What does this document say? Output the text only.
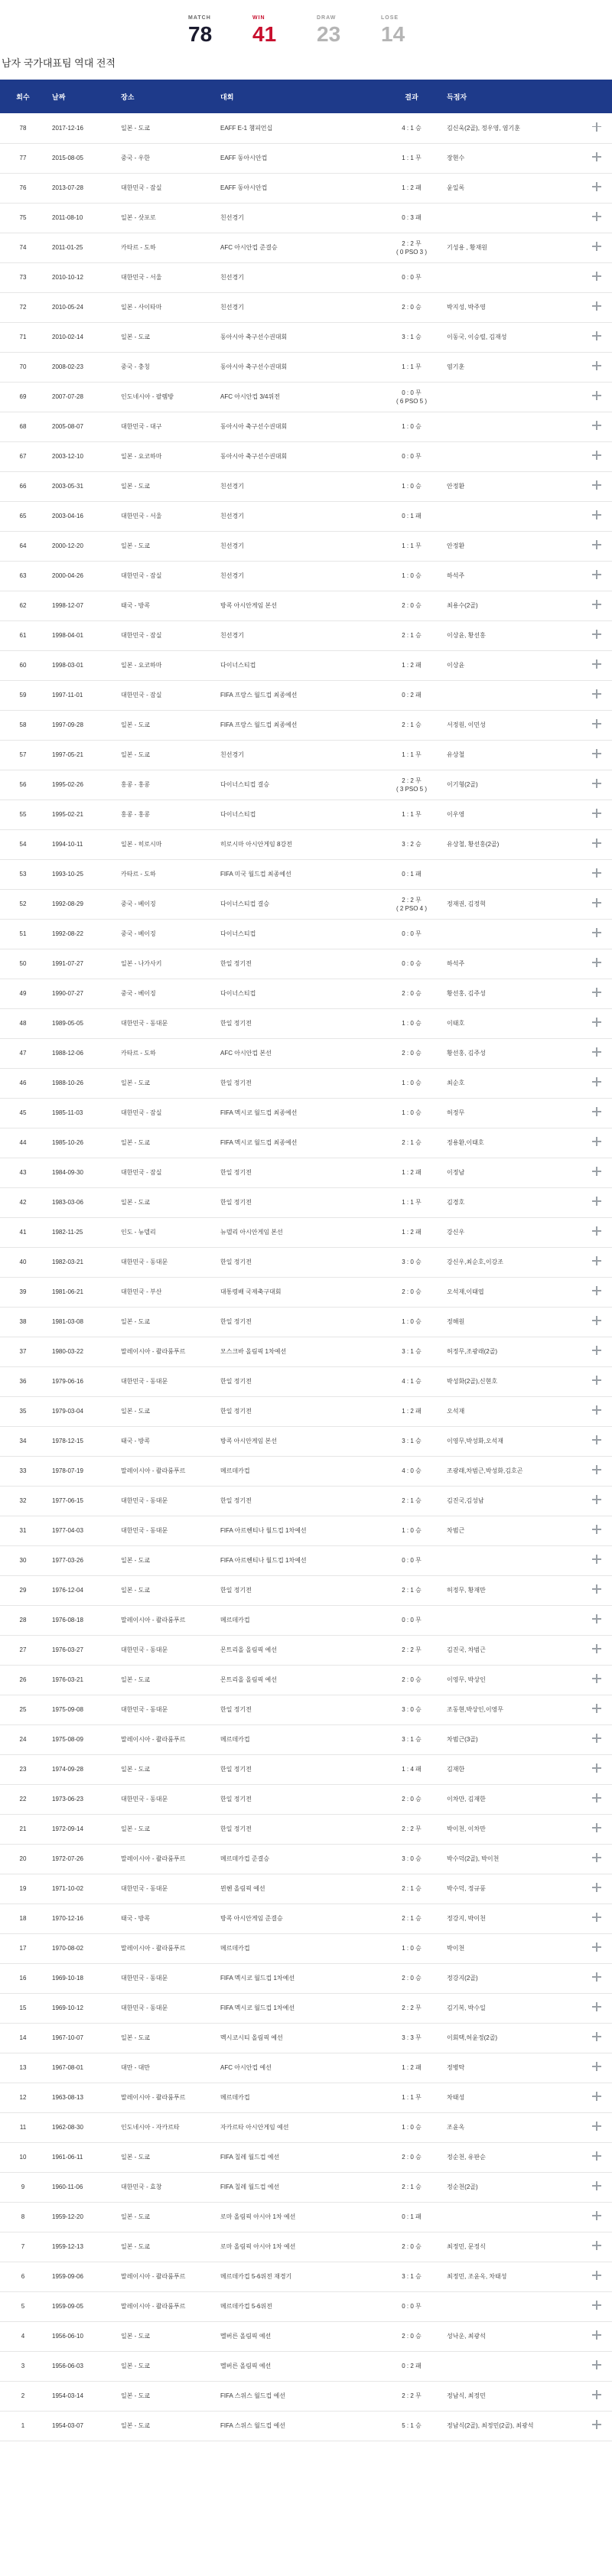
MATCH
78
WIN
41
DRAW
23
LOSE
14
남자 국가대표팀 역대 전적
회수	날짜	장소	대회	결과	득점자	
78	2017-12-16	일본 - 도쿄	EAFF E-1 챔피언십	4 : 1 승	김신욱(2골), 정우영, 염기훈	
77	2015-08-05	중국 - 우한	EAFF 동아시안컵	1 : 1 무	장현수	
76	2013-07-28	대한민국 - 잠실	EAFF 동아시안컵	1 : 2 패	윤일록	
75	2011-08-10	일본 - 삿포로	친선경기	0 : 3 패		
74	2011-01-25	카타르 - 도하	AFC 아시안컵 준결승	2 : 2 무
( 0 PSO 3 )	기성용 , 황재원	
73	2010-10-12	대한민국 - 서울	친선경기	0 : 0 무		
72	2010-05-24	일본 - 사이타마	친선경기	2 : 0 승	박지성, 박주영	
71	2010-02-14	일본 - 도쿄	동아시아 축구선수권대회	3 : 1 승	이동국, 이승렬, 김재성	
70	2008-02-23	중국 - 충칭	동아시아 축구선수권대회	1 : 1 무	염기훈	
69	2007-07-28	인도네시아 - 팔렘방	AFC 아시안컵 3/4위전	0 : 0 무
( 6 PSO 5 )		
68	2005-08-07	대한민국 - 대구	동아시아 축구선수권대회	1 : 0 승		
67	2003-12-10	일본 - 요코하마	동아시아 축구선수권대회	0 : 0 무		
66	2003-05-31	일본 - 도쿄	친선경기	1 : 0 승	안정환	
65	2003-04-16	대한민국 - 서울	친선경기	0 : 1 패		
64	2000-12-20	일본 - 도쿄	친선경기	1 : 1 무	안정환	
63	2000-04-26	대한민국 - 잠실	친선경기	1 : 0 승	하석주	
62	1998-12-07	태국 - 방콕	방콕 아시안게임 본선	2 : 0 승	최용수(2골)	
61	1998-04-01	대한민국 - 잠실	친선경기	2 : 1 승	이상윤, 황선홍	
60	1998-03-01	일본 - 요코하마	다이너스티컵	1 : 2 패	이상윤	
59	1997-11-01	대한민국 - 잠실	FIFA 프랑스 월드컵 최종예선	0 : 2 패		
58	1997-09-28	일본 - 도쿄	FIFA 프랑스 월드컵 최종예선	2 : 1 승	서정원, 이민성	
57	1997-05-21	일본 - 도쿄	친선경기	1 : 1 무	유상철	
56	1995-02-26	홍콩 - 홍콩	다이너스티컵 결승	2 : 2 무
( 3 PSO 5 )	이기형(2골)	
55	1995-02-21	홍콩 - 홍콩	다이너스티컵	1 : 1 무	이우영	
54	1994-10-11	일본 - 히로시마	히로시마 아시안게임 8강전	3 : 2 승	유상철, 황선홍(2골)	
53	1993-10-25	카타르 - 도하	FIFA 미국 월드컵 최종예선	0 : 1 패		
52	1992-08-29	중국 - 베이징	다이너스티컵 결승	2 : 2 무
( 2 PSO 4 )	정재권, 김정혁	
51	1992-08-22	중국 - 베이징	다이너스티컵	0 : 0 무		
50	1991-07-27	일본 - 나가사키	한일 정기전	0 : 0 승	하석주	
49	1990-07-27	중국 - 베이징	다이너스티컵	2 : 0 승	황선홍, 김주성	
48	1989-05-05	대한민국 - 동대문	한일 정기전	1 : 0 승	이태호	
47	1988-12-06	카타르 - 도하	AFC 아시안컵 본선	2 : 0 승	황선홍, 김주성	
46	1988-10-26	일본 - 도쿄	한일 정기전	1 : 0 승	최순호	
45	1985-11-03	대한민국 - 잠실	FIFA 멕시코 월드컵 최종예선	1 : 0 승	허정무	
44	1985-10-26	일본 - 도쿄	FIFA 멕시코 월드컵 최종예선	2 : 1 승	정용환,이태호	
43	1984-09-30	대한민국 - 잠실	한일 정기전	1 : 2 패	이정남	
42	1983-03-06	일본 - 도쿄	한일 정기전	1 : 1 무	김경호	
41	1982-11-25	인도 - 뉴델리	뉴델리 아시안게임 본선	1 : 2 패	강신우	
40	1982-03-21	대한민국 - 동대문	한일 정기전	3 : 0 승	강신우,최순호,이강조	
39	1981-06-21	대한민국 - 부산	대통령배 국제축구대회	2 : 0 승	오석재,이태엽	
38	1981-03-08	일본 - 도쿄	한일 정기전	1 : 0 승	정해원	
37	1980-03-22	말레이시아 - 콸라룸푸르	모스크바 올림픽 1차예선	3 : 1 승	허정무,조광래(2골)	
36	1979-06-16	대한민국 - 동대문	한일 정기전	4 : 1 승	박성화(2골),신현호	
35	1979-03-04	일본 - 도쿄	한일 정기전	1 : 2 패	오석재	
34	1978-12-15	태국 - 방콕	방콕 아시안게임 본선	3 : 1 승	이영무,박성화,오석재	
33	1978-07-19	말레이시아 - 콸라룸푸르	메르데카컵	4 : 0 승	조광래,차범근,박성화,김호곤	
32	1977-06-15	대한민국 - 동대문	한일 정기전	2 : 1 승	김진국,김성남	
31	1977-04-03	대한민국 - 동대문	FIFA 아르헨티나 월드컵 1차예선	1 : 0 승	차범근	
30	1977-03-26	일본 - 도쿄	FIFA 아르헨티나 월드컵 1차예선	0 : 0 무		
29	1976-12-04	일본 - 도쿄	한일 정기전	2 : 1 승	허정무, 황재만	
28	1976-08-18	말레이시아 - 콸라룸푸르	메르데카컵	0 : 0 무		
27	1976-03-27	대한민국 - 동대문	몬트리올 올림픽 예선	2 : 2 무	김진국, 차범근	
26	1976-03-21	일본 - 도쿄	몬트리올 올림픽 예선	2 : 0 승	이영무, 박상인	
25	1975-09-08	대한민국 - 동대문	한일 정기전	3 : 0 승	조동현,박상인,이영무	
24	1975-08-09	말레이시아 - 콸라룸푸르	메르데카컵	3 : 1 승	차범근(3골)	
23	1974-09-28	일본 - 도쿄	한일 정기전	1 : 4 패	김재한	
22	1973-06-23	대한민국 - 동대문	한일 정기전	2 : 0 승	이차만, 김재한	
21	1972-09-14	일본 - 도쿄	한일 정기전	2 : 2 무	박이천, 이차만	
20	1972-07-26	말레이시아 - 콸라룸푸르	메르데카컵 준결승	3 : 0 승	박수덕(2골), 박이천	
19	1971-10-02	대한민국 - 동대문	뮌헨 올림픽 예선	2 : 1 승	박수덕, 정규풍	
18	1970-12-16	태국 - 방콕	방콕 아시안게임 준결승	2 : 1 승	정강지, 박이천	
17	1970-08-02	말레이시아 - 콸라룸푸르	메르데카컵	1 : 0 승	박이천	
16	1969-10-18	대한민국 - 동대문	FIFA 멕시코 월드컵 1차예선	2 : 0 승	정강지(2골)	
15	1969-10-12	대한민국 - 동대문	FIFA 멕시코 월드컵 1차예선	2 : 2 무	김기복, 박수일	
14	1967-10-07	일본 - 도쿄	멕시코시티 올림픽 예선	3 : 3 무	이회택,허윤정(2골)	
13	1967-08-01	대만 - 대만	AFC 아시안컵 예선	1 : 2 패	정병탁	
12	1963-08-13	말레이시아 - 콸라룸푸르	메르데카컵	1 : 1 무	차태성	
11	1962-08-30	인도네시아 - 자카르타	자카르타 아시안게임 예선	1 : 0 승	조윤옥	
10	1961-06-11	일본 - 도쿄	FIFA 칠레 월드컵 예선	2 : 0 승	정순천, 유판순	
9	1960-11-06	대한민국 - 효창	FIFA 칠레 월드컵 예선	2 : 1 승	정순천(2골)	
8	1959-12-20	일본 - 도쿄	로마 올림픽 아시아 1차 예선	0 : 1 패		
7	1959-12-13	일본 - 도쿄	로마 올림픽 아시아 1차 예선	2 : 0 승	최정민, 문정식	
6	1959-09-06	말레이시아 - 콸라룸푸르	메르데카컵 5-6위전 재경기	3 : 1 승	최정민, 조윤옥, 차태성	
5	1959-09-05	말레이시아 - 콸라룸푸르	메르데카컵 5-6위전	0 : 0 무		
4	1956-06-10	일본 - 도쿄	멜버른 올림픽 예선	2 : 0 승	성낙운, 최광석	
3	1956-06-03	일본 - 도쿄	멜버른 올림픽 예선	0 : 2 패		
2	1954-03-14	일본 - 도쿄	FIFA 스위스 월드컵 예선	2 : 2 무	정남식, 최정민	
1	1954-03-07	일본 - 도쿄	FIFA 스위스 월드컵 예선	5 : 1 승	정남식(2골), 최정민(2골), 최광석	
